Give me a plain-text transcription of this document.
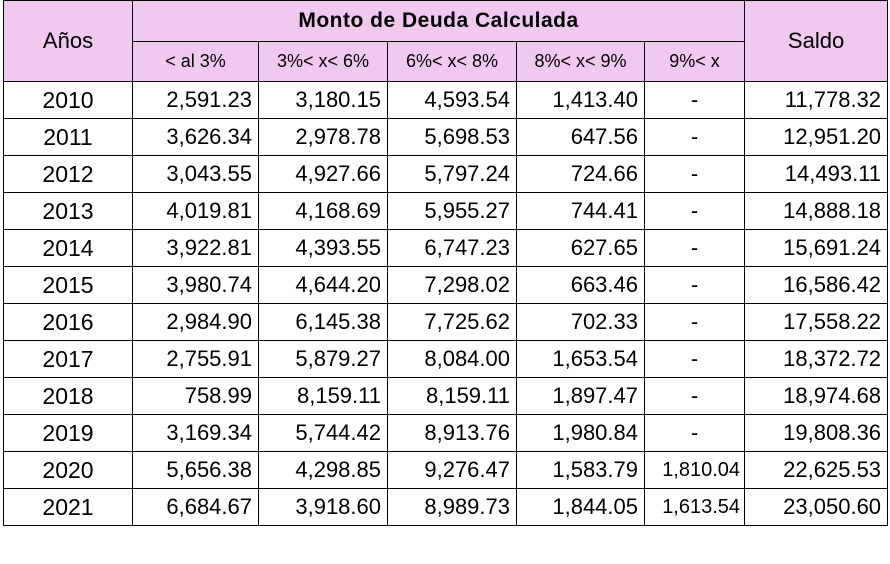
Años	Monto de Deuda Calculada					Saldo
	< al 3%	3%< x< 6%	6%< x< 8%	8%< x< 9%	9%< x	
2010	2,591.23	3,180.15	4,593.54	1,413.40	-	11,778.32
2011	3,626.34	2,978.78	5,698.53	647.56	-	12,951.20
2012	3,043.55	4,927.66	5,797.24	724.66	-	14,493.11
2013	4,019.81	4,168.69	5,955.27	744.41	-	14,888.18
2014	3,922.81	4,393.55	6,747.23	627.65	-	15,691.24
2015	3,980.74	4,644.20	7,298.02	663.46	-	16,586.42
2016	2,984.90	6,145.38	7,725.62	702.33	-	17,558.22
2017	2,755.91	5,879.27	8,084.00	1,653.54	-	18,372.72
2018	758.99	8,159.11	8,159.11	1,897.47	-	18,974.68
2019	3,169.34	5,744.42	8,913.76	1,980.84	-	19,808.36
2020	5,656.38	4,298.85	9,276.47	1,583.79	1,810.04	22,625.53
2021	6,684.67	3,918.60	8,989.73	1,844.05	1,613.54	23,050.60
